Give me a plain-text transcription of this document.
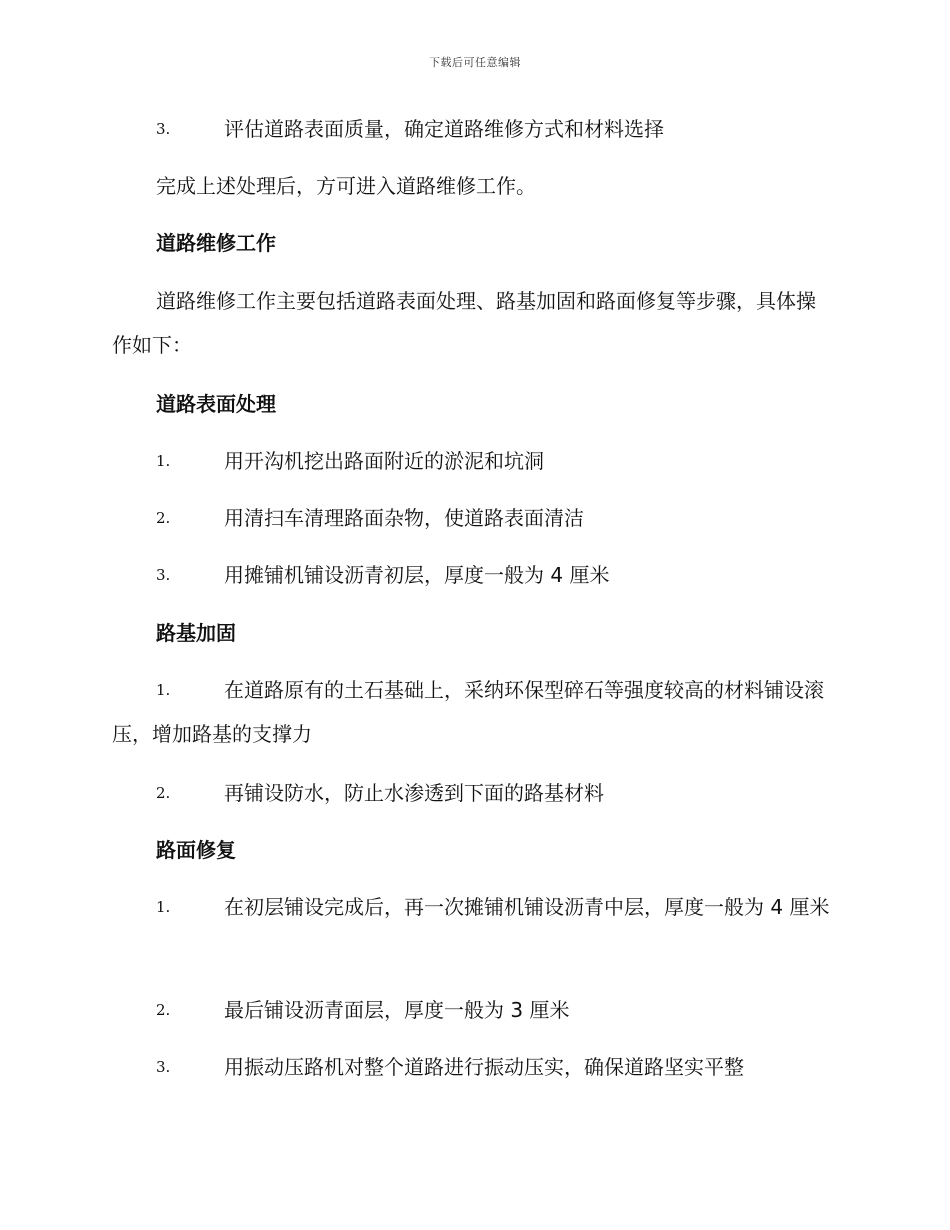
下载后可任意编辑
3.	评估道路表面质量，确定道路维修方式和材料选择
完成上述处理后，方可进入道路维修工作。
道路维修工作
道路维修工作主要包括道路表面处理、路基加固和路面修复等步骤，具体操作如下：
道路表面处理
1.	用开沟机挖出路面附近的淤泥和坑洞
2.	用清扫车清理路面杂物，使道路表面清洁
3.	用摊铺机铺设沥青初层，厚度一般为 4 厘米
路基加固
1.	在道路原有的土石基础上，采纳环保型碎石等强度较高的材料铺设滚压，增加路基的支撑力
2.	再铺设防水，防止水渗透到下面的路基材料
路面修复
1.	在初层铺设完成后，再一次摊铺机铺设沥青中层，厚度一般为 4 厘米
2.	最后铺设沥青面层，厚度一般为 3 厘米
3.	用振动压路机对整个道路进行振动压实，确保道路坚实平整
